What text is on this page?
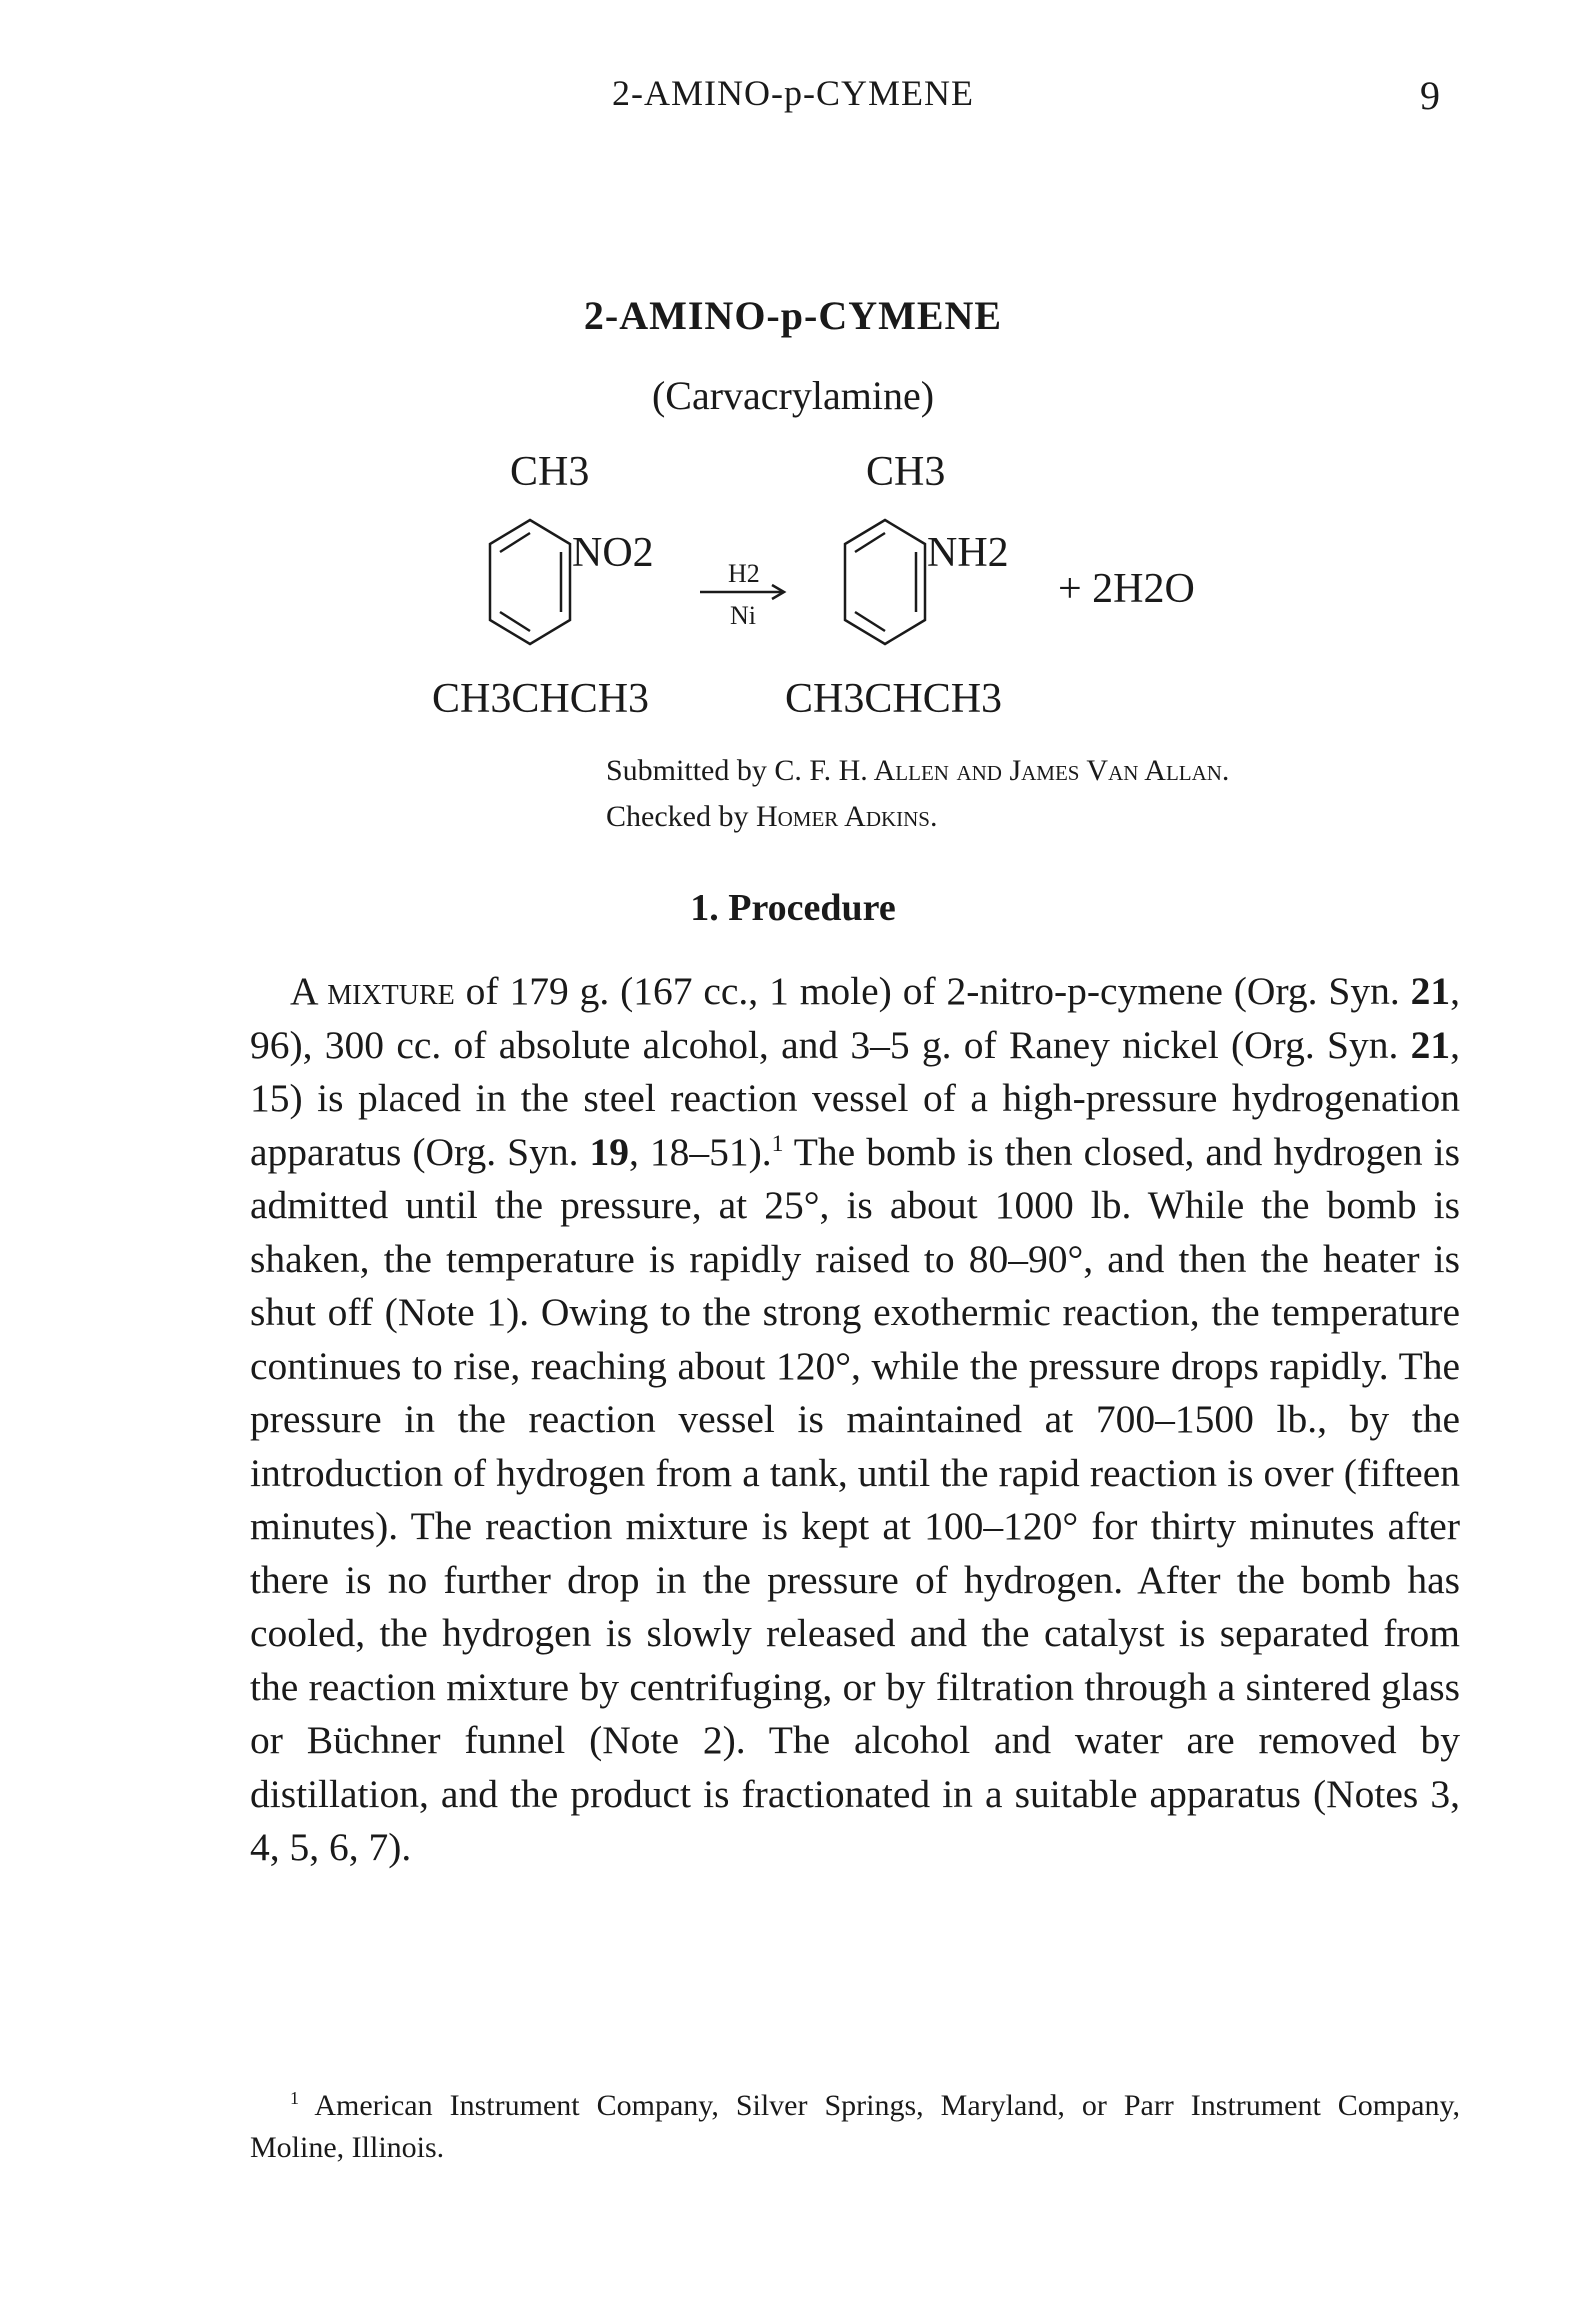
2-AMINO-p-CYMENE	9
2-AMINO-p-CYMENE
(Carvacrylamine)
CH3
NO2
CH3CHCH3
H2
Ni
CH3
NH2
CH3CHCH3
+ 2H2O
Submitted by C. F. H. Allen and James Van Allan.
Checked by Homer Adkins.
1. Procedure

A mixture of 179 g. (167 cc., 1 mole) of 2-nitro-p-cymene (Org. Syn. 21, 96), 300 cc. of absolute alcohol, and 3–5 g. of Raney nickel (Org. Syn. 21, 15) is placed in the steel reaction vessel of a high-pressure hydrogenation apparatus (Org. Syn. 19, 18–51).$^1$ The bomb is then closed, and hydrogen is admitted until the pressure, at 25°, is about 1000 lb. While the bomb is shaken, the temperature is rapidly raised to 80–90°, and then the heater is shut off (Note 1). Owing to the strong exothermic reaction, the temperature continues to rise, reaching about 120°, while the pressure drops rapidly. The pressure in the reaction vessel is maintained at 700–1500 lb., by the introduction of hydrogen from a tank, until the rapid reaction is over (fifteen minutes). The reaction mixture is kept at 100–120° for thirty minutes after there is no further drop in the pressure of hydrogen. After the bomb has cooled, the hydrogen is slowly released and the catalyst is separated from the reaction mixture by centrifuging, or by filtration through a sintered glass or Büchner funnel (Note 2). The alcohol and water are removed by distillation, and the product is fractionated in a suitable apparatus (Notes 3, 4, 5, 6, 7).

$^1$ American Instrument Company, Silver Springs, Maryland, or Parr Instrument Company, Moline, Illinois.
